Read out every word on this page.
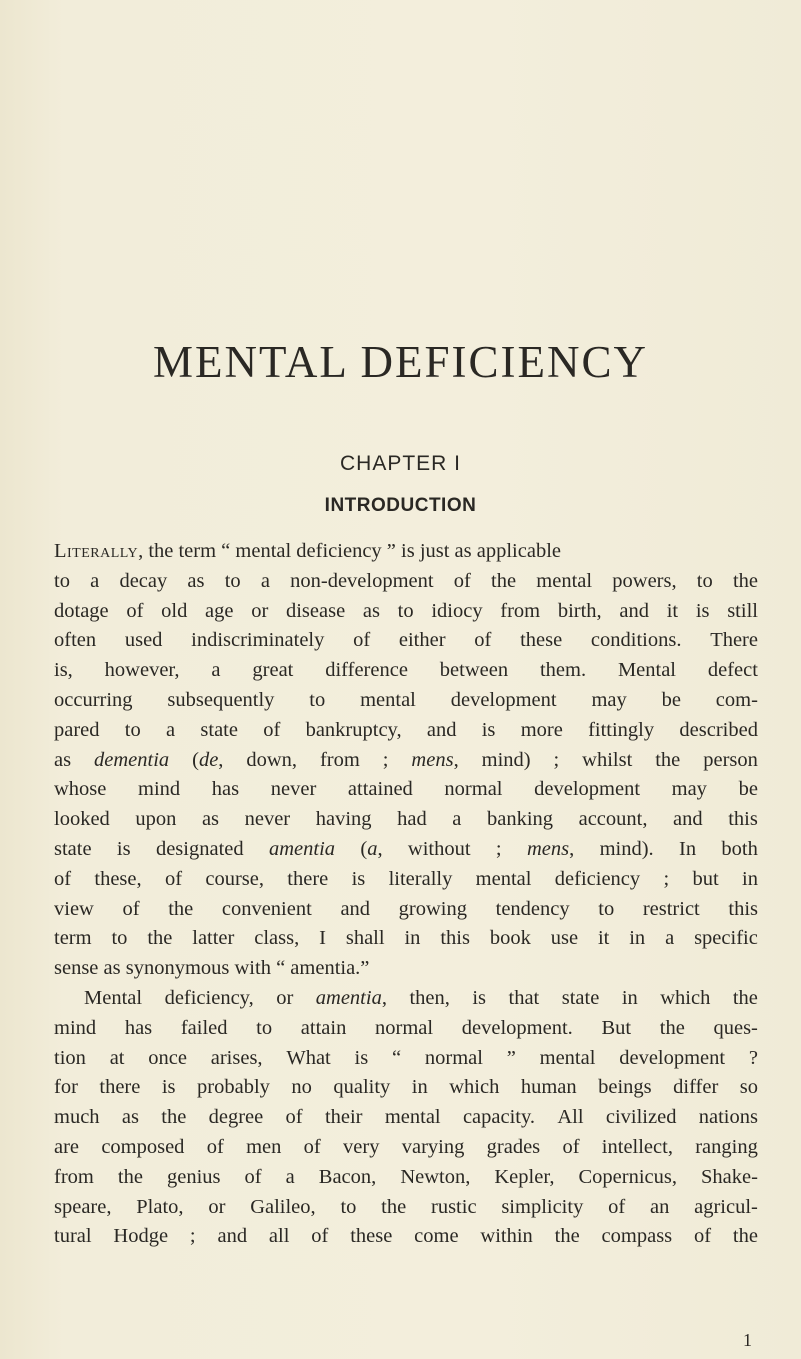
MENTAL DEFICIENCY
CHAPTER I
INTRODUCTION
Literally, the term “ mental deficiency ” is just as applicable
to a decay as to a non-development of the mental powers, to the
dotage of old age or disease as to idiocy from birth, and it is still
often used indiscriminately of either of these conditions. There
is, however, a great difference between them. Mental defect
occurring subsequently to mental development may be com-
pared to a state of bankruptcy, and is more fittingly described
as dementia (de, down, from ; mens, mind) ; whilst the person
whose mind has never attained normal development may be
looked upon as never having had a banking account, and this
state is designated amentia (a, without ; mens, mind). In both
of these, of course, there is literally mental deficiency ; but in
view of the convenient and growing tendency to restrict this
term to the latter class, I shall in this book use it in a specific
sense as synonymous with “ amentia.”
Mental deficiency, or amentia, then, is that state in which the
mind has failed to attain normal development. But the ques-
tion at once arises, What is “ normal ” mental development ?
for there is probably no quality in which human beings differ so
much as the degree of their mental capacity. All civilized nations
are composed of men of very varying grades of intellect, ranging
from the genius of a Bacon, Newton, Kepler, Copernicus, Shake-
speare, Plato, or Galileo, to the rustic simplicity of an agricul-
tural Hodge ; and all of these come within the compass of the
1
